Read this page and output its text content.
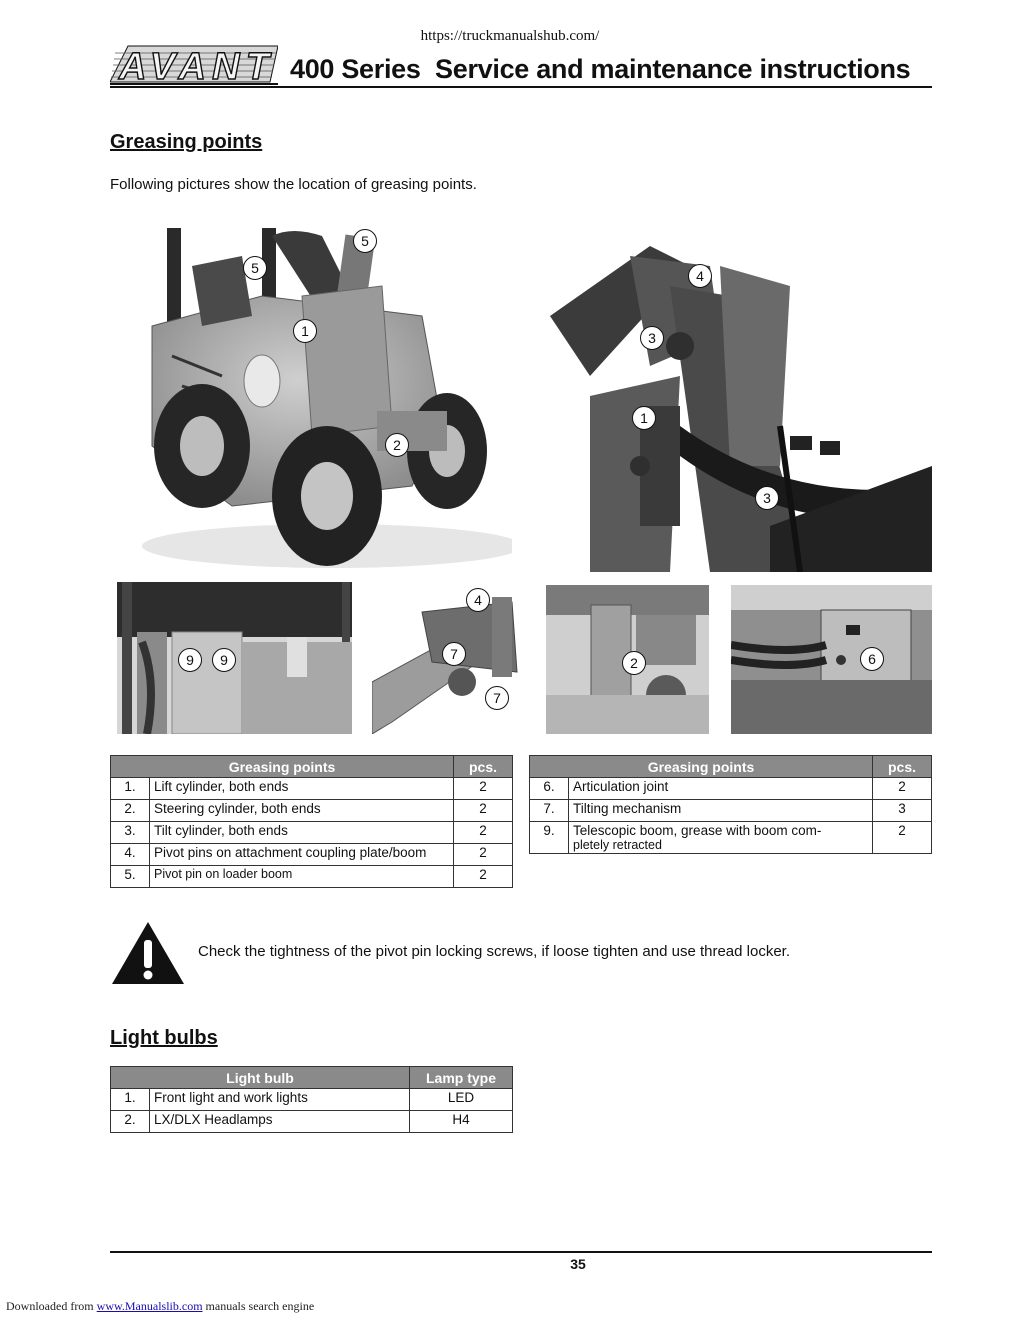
https://truckmanualshub.com/
AVANT 400 Series Service and maintenance instructions
Greasing points
Following pictures show the location of greasing points.
5
5
1
2
4
3
1
3
9	9
4
7
7
2	6
Greasing points		pcs.
1.	Lift cylinder, both ends	2
2.	Steering cylinder, both ends	2
3.	Tilt cylinder, both ends	2
4.	Pivot pins on attachment coupling plate/boom	2
5.	Pivot pin on loader boom	2
Greasing points		pcs.
6.	Articulation joint	2
7.	Tilting mechanism	3
9.	Telescopic boom, grease with boom com-
pletely retracted	2
Check the tightness of the pivot pin locking screws, if loose tighten and use thread locker.
Light bulbs
Light bulb		Lamp type
1.	Front light and work lights	LED
2.	LX/DLX Headlamps	H4
35
Downloaded from www.Manualslib.com manuals search engine
